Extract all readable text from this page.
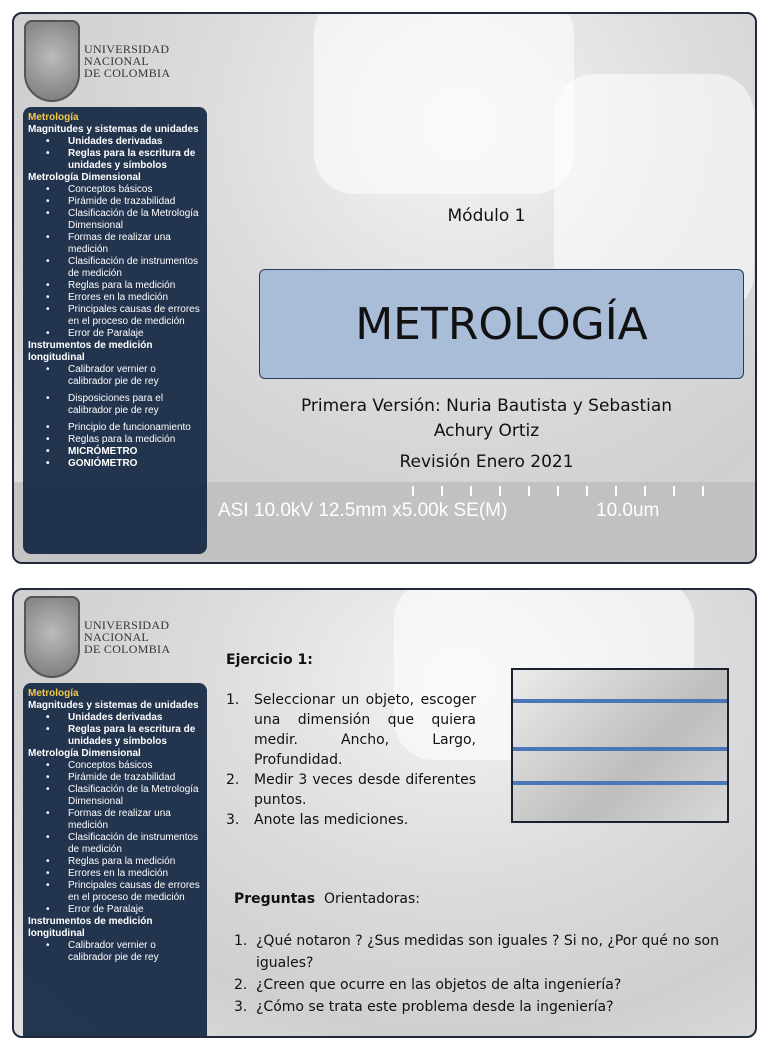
UNIVERSIDAD
NACIONAL
DE COLOMBIA
ASI 10.0kV 12.5mm x5.00k SE(M)	10.0um
Metrología
Magnitudes y sistemas de unidades
• Unidades derivadas
• Reglas para la escritura de unidades y símbolos
Metrología Dimensional
• Conceptos básicos
• Pirámide de trazabilidad
• Clasificación de la Metrología Dimensional
• Formas de realizar una medición
• Clasificación de instrumentos de medición
• Reglas para la medición
• Errores en la medición
• Principales causas de errores en el proceso de medición
• Error de Paralaje
Instrumentos de medición longitudinal
• Calibrador vernier o calibrador pie de rey
• Disposiciones para el calibrador pie de rey
• Principio de funcionamiento
• Reglas para la medición
• MICRÓMETRO
• GONIÓMETRO
Módulo 1
METROLOGÍA
Primera Versión: Nuria Bautista y Sebastian Achury Ortiz
Revisión Enero 2021
UNIVERSIDAD
NACIONAL
DE COLOMBIA
Metrología
Magnitudes y sistemas de unidades
• Unidades derivadas
• Reglas para la escritura de unidades y símbolos
Metrología Dimensional
• Conceptos básicos
• Pirámide de trazabilidad
• Clasificación de la Metrología Dimensional
• Formas de realizar una medición
• Clasificación de instrumentos de medición
• Reglas para la medición
• Errores en la medición
• Principales causas de errores en el proceso de medición
• Error de Paralaje
Instrumentos de medición longitudinal
• Calibrador vernier o calibrador pie de rey
Ejercicio 1:
1. Seleccionar un objeto, escoger una dimensión que quiera medir. Ancho, Largo, Profundidad.
2. Medir 3 veces desde diferentes puntos.
3. Anote las mediciones.
Preguntas Orientadoras:
1. ¿Qué notaron ? ¿Sus medidas son iguales ? Si no, ¿Por qué no son iguales?
2. ¿Creen que ocurre en las objetos de alta ingeniería?
3. ¿Cómo se trata este problema desde la ingeniería?
